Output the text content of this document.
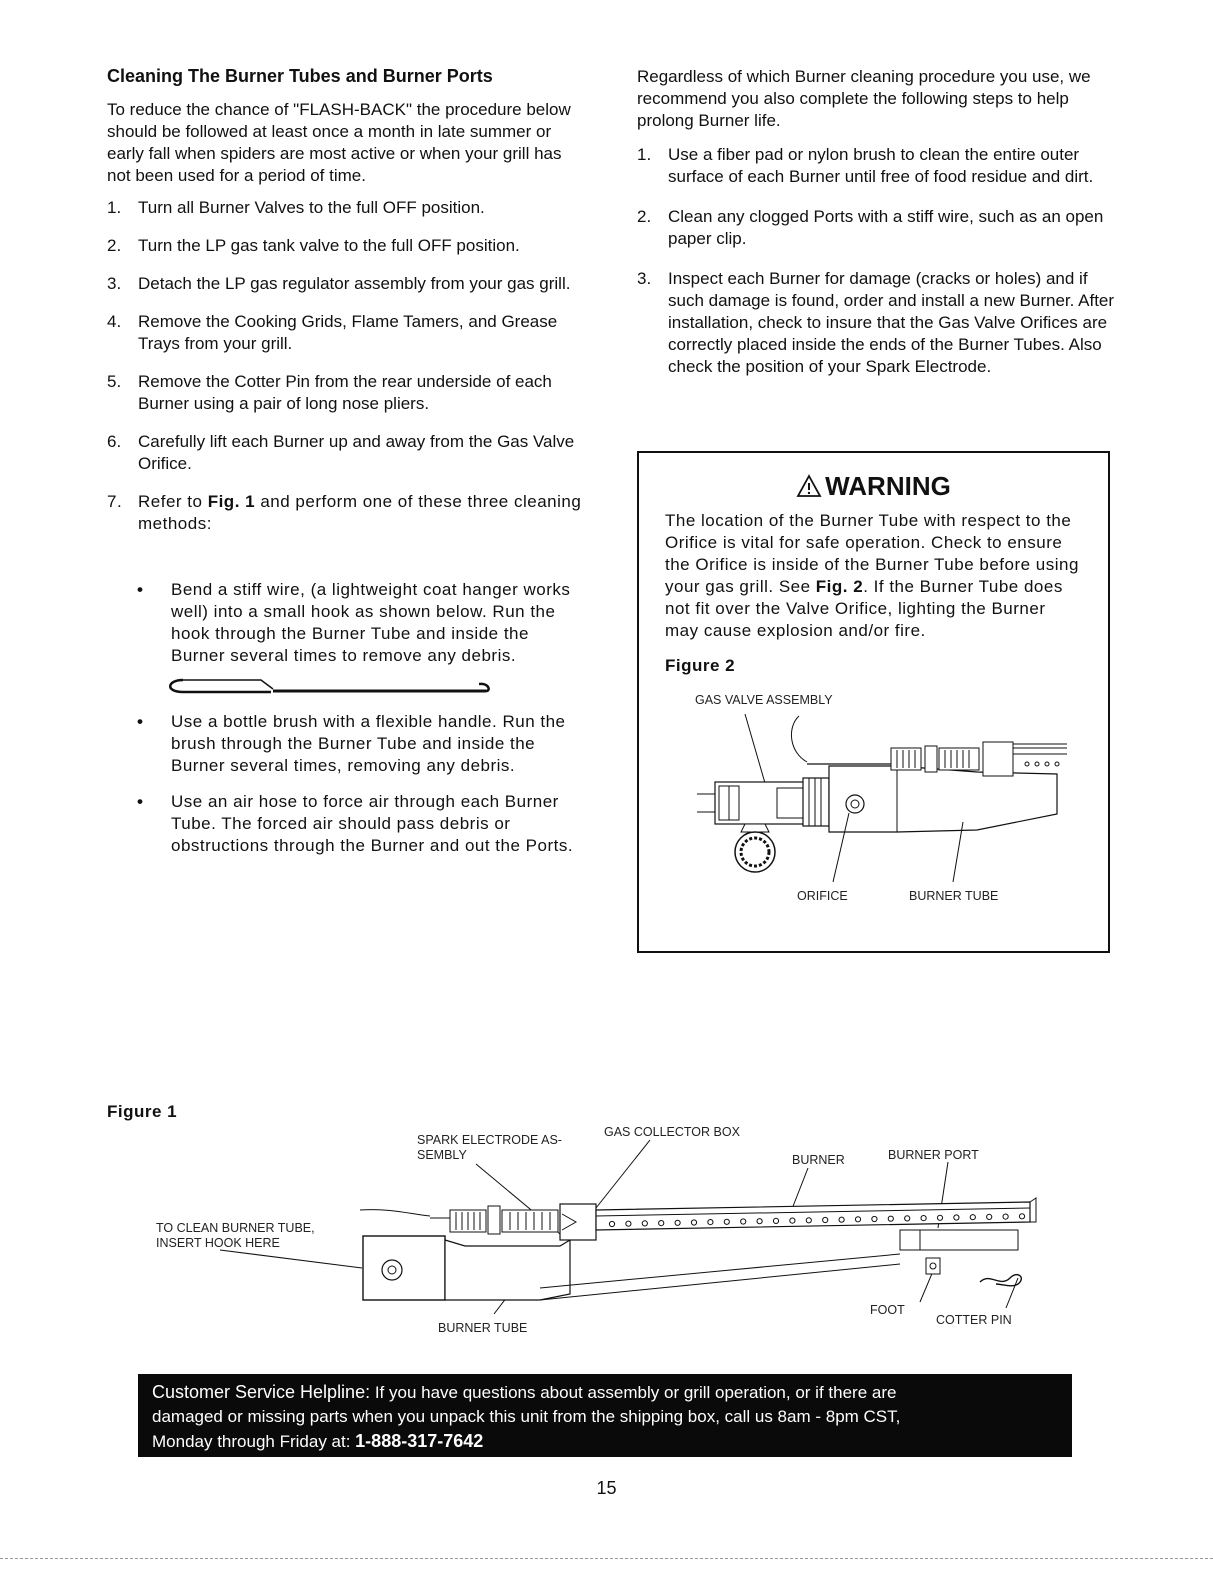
Cleaning The Burner Tubes and Burner Ports

To reduce the chance of "FLASH-BACK" the procedure below should be followed at least once a month in late summer or early fall when spiders are most active or when your grill has not been used for a period of time.

1. Turn all Burner Valves to the full OFF position.
2. Turn the LP gas tank valve to the full OFF position.
3. Detach the LP gas regulator assembly from your gas grill.
4. Remove the Cooking Grids, Flame Tamers, and Grease Trays from your grill.
5. Remove the Cotter Pin from the rear underside of each Burner using a pair of long nose pliers.
6. Carefully lift each Burner up and away from the Gas Valve Orifice.
7. Refer to Fig. 1 and perform one of these three cleaning methods:
• Bend a stiff wire, (a lightweight coat hanger works well) into a small hook as shown below. Run the hook through the Burner Tube and inside the Burner several times to remove any debris.
• Use a bottle brush with a flexible handle. Run the brush through the Burner Tube and inside the Burner several times, removing any debris.
• Use an air hose to force air through each Burner Tube. The forced air should pass debris or obstructions through the Burner and out the Ports.

Regardless of which Burner cleaning procedure you use, we recommend you also complete the following steps to help prolong Burner life.

1. Use a fiber pad or nylon brush to clean the entire outer surface of each Burner until free of food residue and dirt.
2. Clean any clogged Ports with a stiff wire, such as an open paper clip.
3. Inspect each Burner for damage (cracks or holes) and if such damage is found, order and install a new Burner. After installation, check to insure that the Gas Valve Orifices are correctly placed inside the ends of the Burner Tubes. Also check the position of your Spark Electrode.
WARNING

The location of the Burner Tube with respect to the Orifice is vital for safe operation. Check to ensure the Orifice is inside of the Burner Tube before using your gas grill. See Fig. 2. If the Burner Tube does not fit over the Valve Orifice, lighting the Burner may cause explosion and/or fire.

Figure 2
GAS VALVE ASSEMBLY
ORIFICE	BURNER TUBE
Figure 1
SPARK ELECTRODE AS-
SEMBLY
GAS COLLECTOR BOX
BURNER	BURNER PORT
TO CLEAN BURNER TUBE,
INSERT HOOK HERE
FOOT
COTTER PIN
BURNER TUBE
Customer Service Helpline: If you have questions about assembly or grill operation, or if there are
damaged or missing parts when you unpack this unit from the shipping box, call us 8am - 8pm CST,
Monday through Friday at: 1-888-317-7642
15
